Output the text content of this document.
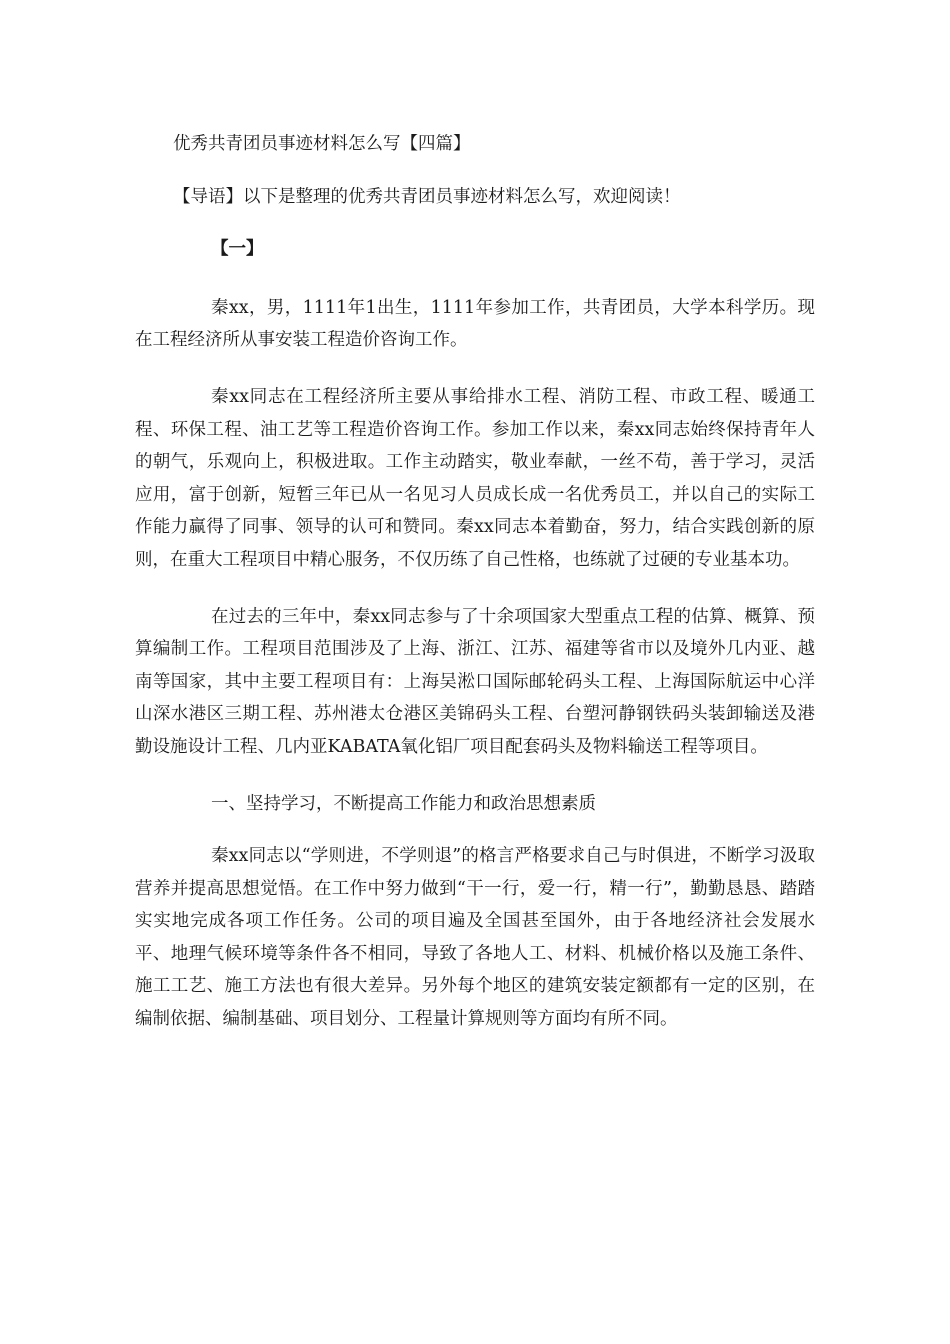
优秀共青团员事迹材料怎么写【四篇】

【导语】以下是整理的优秀共青团员事迹材料怎么写，欢迎阅读！

【一】

秦xx，男，1111年1出生，1111年参加工作，共青团员，大学本科学历。现在工程经济所从事安装工程造价咨询工作。

秦xx同志在工程经济所主要从事给排水工程、消防工程、市政工程、暖通工程、环保工程、油工艺等工程造价咨询工作。参加工作以来，秦xx同志始终保持青年人的朝气，乐观向上，积极进取。工作主动踏实，敬业奉献，一丝不苟，善于学习，灵活应用，富于创新，短暂三年已从一名见习人员成长成一名优秀员工，并以自己的实际工作能力赢得了同事、领导的认可和赞同。秦xx同志本着勤奋，努力，结合实践创新的原则，在重大工程项目中精心服务，不仅历练了自己性格，也练就了过硬的专业基本功。

在过去的三年中，秦xx同志参与了十余项国家大型重点工程的估算、概算、预算编制工作。工程项目范围涉及了上海、浙江、江苏、福建等省市以及境外几内亚、越南等国家，其中主要工程项目有：上海吴淞口国际邮轮码头工程、上海国际航运中心洋山深水港区三期工程、苏州港太仓港区美锦码头工程、台塑河静钢铁码头装卸输送及港勤设施设计工程、几内亚KABATA氧化铝厂项目配套码头及物料输送工程等项目。

一、坚持学习，不断提高工作能力和政治思想素质

秦xx同志以“学则进，不学则退”的格言严格要求自己与时俱进，不断学习汲取营养并提高思想觉悟。在工作中努力做到“干一行，爱一行，精一行”，勤勤恳恳、踏踏实实地完成各项工作任务。公司的项目遍及全国甚至国外，由于各地经济社会发展水平、地理气候环境等条件各不相同，导致了各地人工、材料、机械价格以及施工条件、施工工艺、施工方法也有很大差异。另外每个地区的建筑安装定额都有一定的区别，在编制依据、编制基础、项目划分、工程量计算规则等方面均有所不同。
